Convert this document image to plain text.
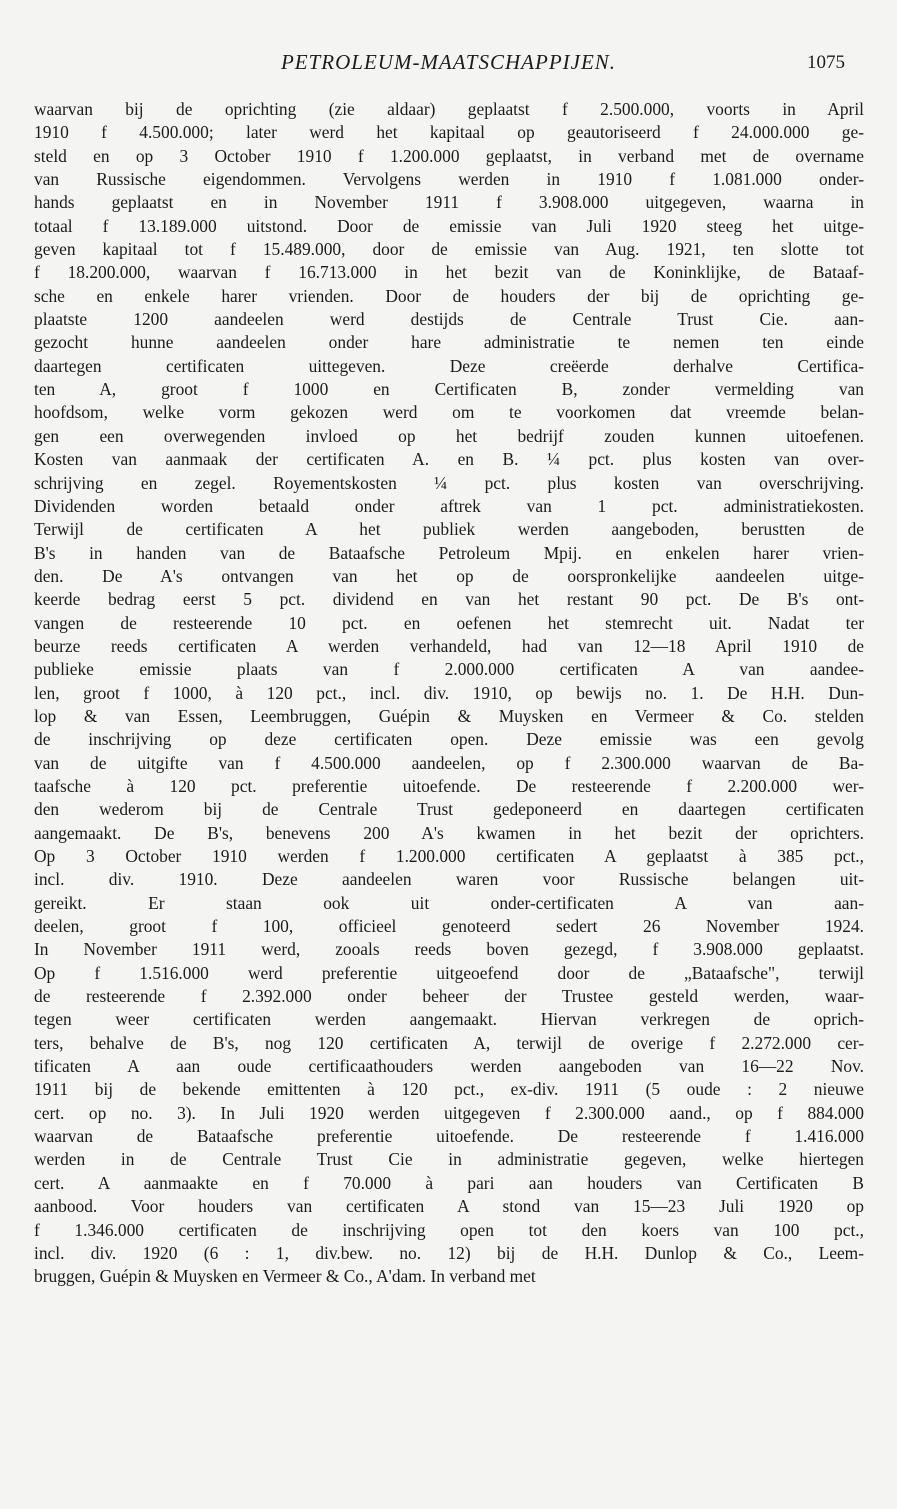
PETROLEUM-MAATSCHAPPIJEN.	1075
waarvan bij de oprichting (zie aldaar) geplaatst f 2.500.000, voorts in April
1910 f 4.500.000; later werd het kapitaal op geautoriseerd f 24.000.000 ge-
steld en op 3 October 1910 f 1.200.000 geplaatst, in verband met de overname
van Russische eigendommen. Vervolgens werden in 1910 f 1.081.000 onder-
hands geplaatst en in November 1911 f 3.908.000 uitgegeven, waarna in
totaal f 13.189.000 uitstond. Door de emissie van Juli 1920 steeg het uitge-
geven kapitaal tot f 15.489.000, door de emissie van Aug. 1921, ten slotte tot
f 18.200.000, waarvan f 16.713.000 in het bezit van de Koninklijke, de Bataaf-
sche en enkele harer vrienden. Door de houders der bij de oprichting ge-
plaatste 1200 aandeelen werd destijds de Centrale Trust Cie. aan-
gezocht hunne aandeelen onder hare administratie te nemen ten einde
daartegen certificaten uittegeven. Deze creëerde derhalve Certifica-
ten A, groot f 1000 en Certificaten B, zonder vermelding van
hoofdsom, welke vorm gekozen werd om te voorkomen dat vreemde belan-
gen een overwegenden invloed op het bedrijf zouden kunnen uitoefenen.
Kosten van aanmaak der certificaten A. en B. ¼ pct. plus kosten van over-
schrijving en zegel. Royementskosten ¼ pct. plus kosten van overschrijving.
Dividenden worden betaald onder aftrek van 1 pct. administratiekosten.
Terwijl de certificaten A het publiek werden aangeboden, berustten de
B's in handen van de Bataafsche Petroleum Mpij. en enkelen harer vrien-
den. De A's ontvangen van het op de oorspronkelijke aandeelen uitge-
keerde bedrag eerst 5 pct. dividend en van het restant 90 pct. De B's ont-
vangen de resteerende 10 pct. en oefenen het stemrecht uit. Nadat ter
beurze reeds certificaten A werden verhandeld, had van 12—18 April 1910 de
publieke emissie plaats van f 2.000.000 certificaten A van aandee-
len, groot f 1000, à 120 pct., incl. div. 1910, op bewijs no. 1. De H.H. Dun-
lop & van Essen, Leembruggen, Guépin & Muysken en Vermeer & Co. stelden
de inschrijving op deze certificaten open. Deze emissie was een gevolg
van de uitgifte van f 4.500.000 aandeelen, op f 2.300.000 waarvan de Ba-
taafsche à 120 pct. preferentie uitoefende. De resteerende f 2.200.000 wer-
den wederom bij de Centrale Trust gedeponeerd en daartegen certificaten
aangemaakt. De B's, benevens 200 A's kwamen in het bezit der oprichters.
Op 3 October 1910 werden f 1.200.000 certificaten A geplaatst à 385 pct.,
incl. div. 1910. Deze aandeelen waren voor Russische belangen uit-
gereikt. Er staan ook uit onder-certificaten A van aan-
deelen, groot f 100, officieel genoteerd sedert 26 November 1924.
In November 1911 werd, zooals reeds boven gezegd, f 3.908.000 geplaatst.
Op f 1.516.000 werd preferentie uitgeoefend door de „Bataafsche", terwijl
de resteerende f 2.392.000 onder beheer der Trustee gesteld werden, waar-
tegen weer certificaten werden aangemaakt. Hiervan verkregen de oprich-
ters, behalve de B's, nog 120 certificaten A, terwijl de overige f 2.272.000 cer-
tificaten A aan oude certificaathouders werden aangeboden van 16—22 Nov.
1911 bij de bekende emittenten à 120 pct., ex-div. 1911 (5 oude : 2 nieuwe
cert. op no. 3). In Juli 1920 werden uitgegeven f 2.300.000 aand., op f 884.000
waarvan de Bataafsche preferentie uitoefende. De resteerende f 1.416.000
werden in de Centrale Trust Cie in administratie gegeven, welke hiertegen
cert. A aanmaakte en f 70.000 à pari aan houders van Certificaten B
aanbood. Voor houders van certificaten A stond van 15—23 Juli 1920 op
f 1.346.000 certificaten de inschrijving open tot den koers van 100 pct.,
incl. div. 1920 (6 : 1, div.bew. no. 12) bij de H.H. Dunlop & Co., Leem-
bruggen, Guépin & Muysken en Vermeer & Co., A'dam. In verband met
